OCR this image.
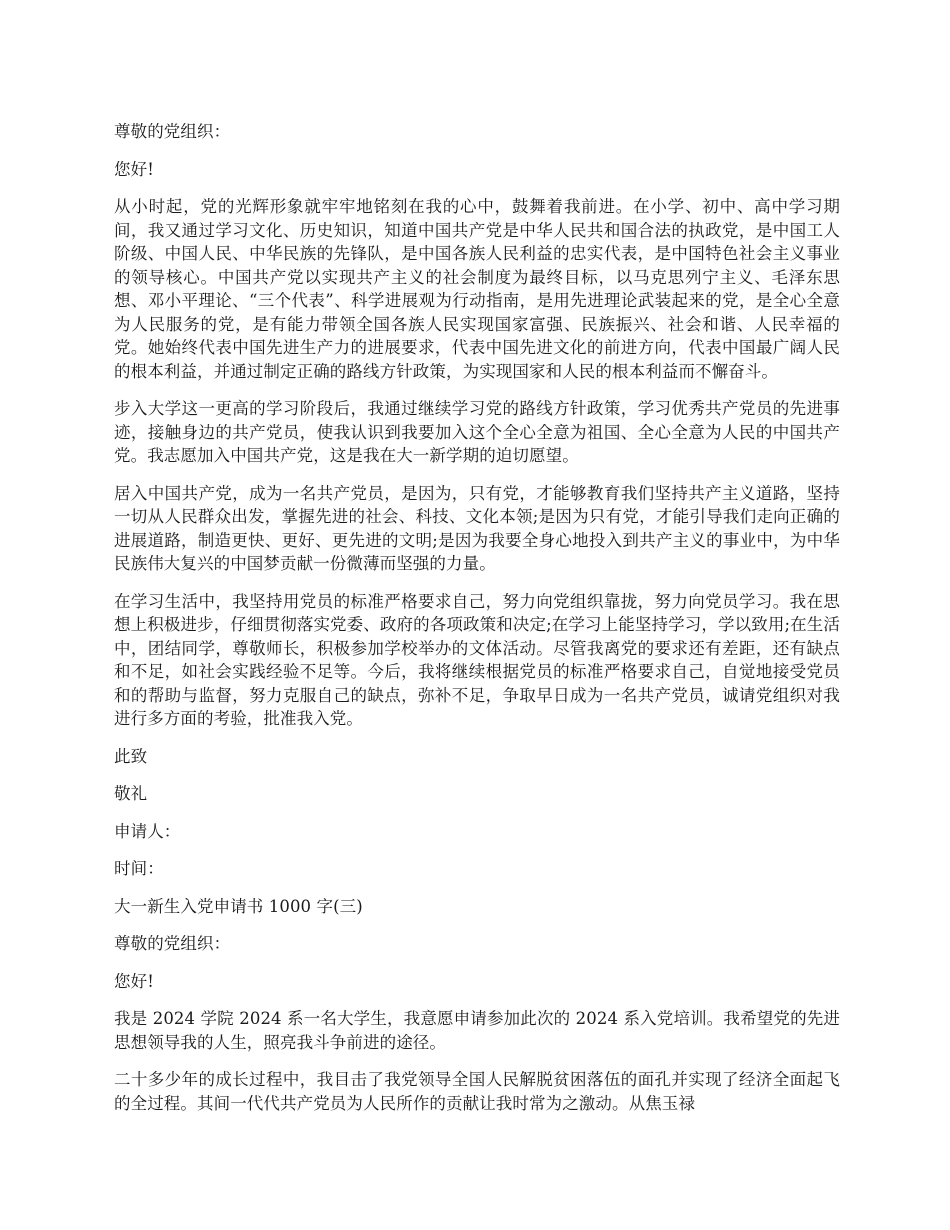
尊敬的党组织：

您好!

从小时起，党的光辉形象就牢牢地铭刻在我的心中，鼓舞着我前进。在小学、初中、高中学习期间，我又通过学习文化、历史知识，知道中国共产党是中华人民共和国合法的执政党，是中国工人阶级、中国人民、中华民族的先锋队，是中国各族人民利益的忠实代表，是中国特色社会主义事业的领导核心。中国共产党以实现共产主义的社会制度为最终目标，以马克思列宁主义、毛泽东思想、邓小平理论、“三个代表”、科学进展观为行动指南，是用先进理论武装起来的党，是全心全意为人民服务的党，是有能力带领全国各族人民实现国家富强、民族振兴、社会和谐、人民幸福的党。她始终代表中国先进生产力的进展要求，代表中国先进文化的前进方向，代表中国最广阔人民的根本利益，并通过制定正确的路线方针政策，为实现国家和人民的根本利益而不懈奋斗。

步入大学这一更高的学习阶段后，我通过继续学习党的路线方针政策，学习优秀共产党员的先进事迹，接触身边的共产党员，使我认识到我要加入这个全心全意为祖国、全心全意为人民的中国共产党。我志愿加入中国共产党，这是我在大一新学期的迫切愿望。

居入中国共产党，成为一名共产党员，是因为，只有党，才能够教育我们坚持共产主义道路，坚持一切从人民群众出发，掌握先进的社会、科技、文化本领;是因为只有党，才能引导我们走向正确的进展道路，制造更快、更好、更先进的文明;是因为我要全身心地投入到共产主义的事业中，为中华民族伟大复兴的中国梦贡献一份微薄而坚强的力量。

在学习生活中，我坚持用党员的标准严格要求自己，努力向党组织靠拢，努力向党员学习。我在思想上积极进步，仔细贯彻落实党委、政府的各项政策和决定;在学习上能坚持学习，学以致用;在生活中，团结同学，尊敬师长，积极参加学校举办的文体活动。尽管我离党的要求还有差距，还有缺点和不足，如社会实践经验不足等。今后，我将继续根据党员的标准严格要求自己，自觉地接受党员和的帮助与监督，努力克服自己的缺点，弥补不足，争取早日成为一名共产党员，诚请党组织对我进行多方面的考验，批准我入党。

此致

敬礼

申请人：

时间：

大一新生入党申请书 1000 字(三)

尊敬的党组织：

您好!

我是 2024 学院 2024 系一名大学生，我意愿申请参加此次的 2024 系入党培训。我希望党的先进思想领导我的人生，照亮我斗争前进的途径。

二十多少年的成长过程中，我目击了我党领导全国人民解脱贫困落伍的面孔并实现了经济全面起飞的全过程。其间一代代共产党员为人民所作的贡献让我时常为之激动。从焦玉禄
